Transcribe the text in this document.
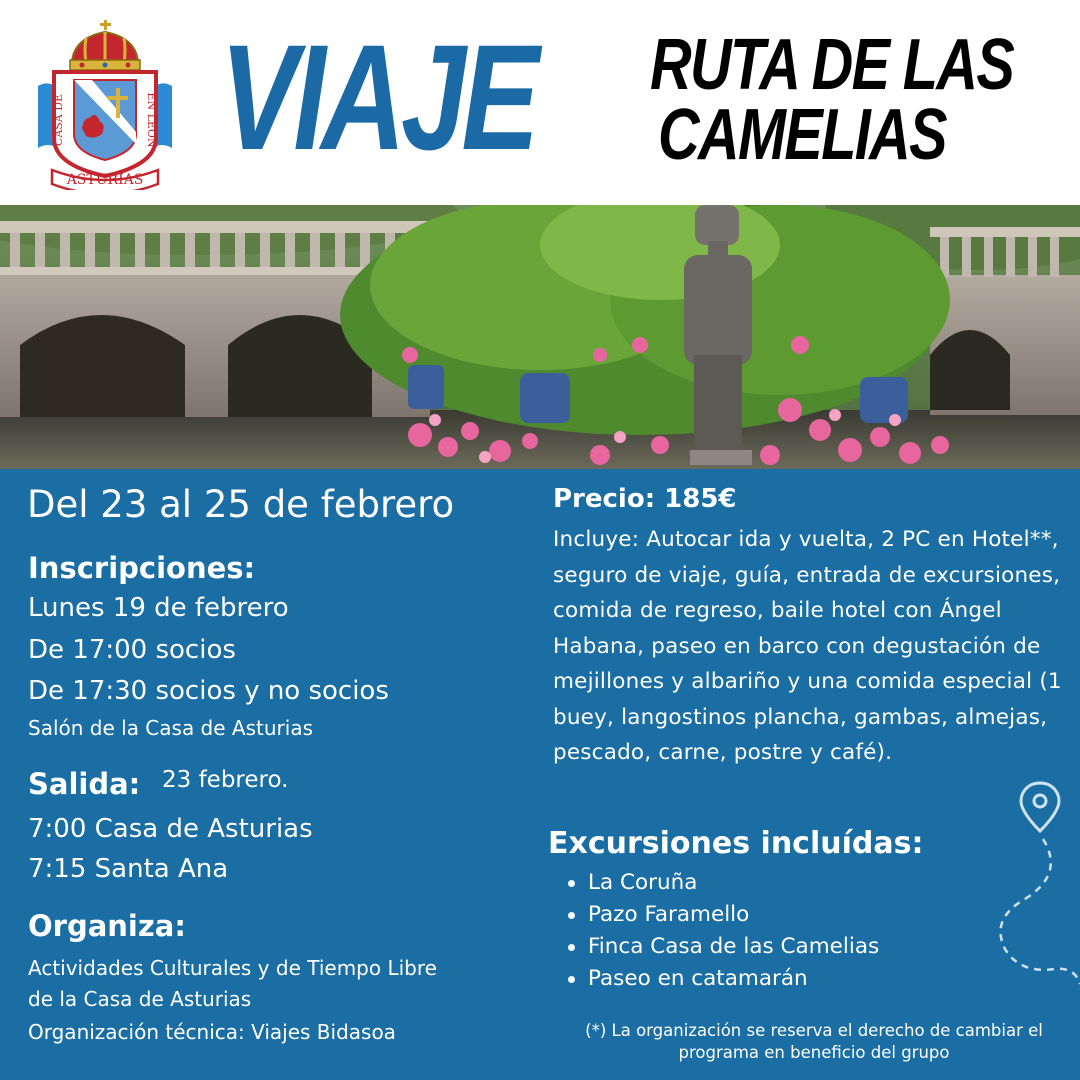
CASA DE	EN LEON
ASTURIAS VIAJE RUTA DE LAS
CAMELIAS
Del 23 al 25 de febrero
Inscripciones:
Lunes 19 de febrero
De 17:00 socios
De 17:30 socios y no socios
Salón de la Casa de Asturias
Salida: 23 febrero.
7:00 Casa de Asturias
7:15 Santa Ana
Organiza:
Actividades Culturales y de Tiempo Libre
de la Casa de Asturias
Organización técnica: Viajes Bidasoa
Precio: 185€
Incluye: Autocar ida y vuelta, 2 PC en Hotel**, seguro de viaje, guía, entrada de excursiones, comida de regreso, baile hotel con Ángel Habana, paseo en barco con degustación de mejillones y albariño y una comida especial (1 buey, langostinos plancha, gambas, almejas, pescado, carne, postre y café).
Excursiones incluídas:
La Coruña
Pazo Faramello
Finca Casa de las Camelias
Paseo en catamarán
(*) La organización se reserva el derecho de cambiar el programa en beneficio del grupo
